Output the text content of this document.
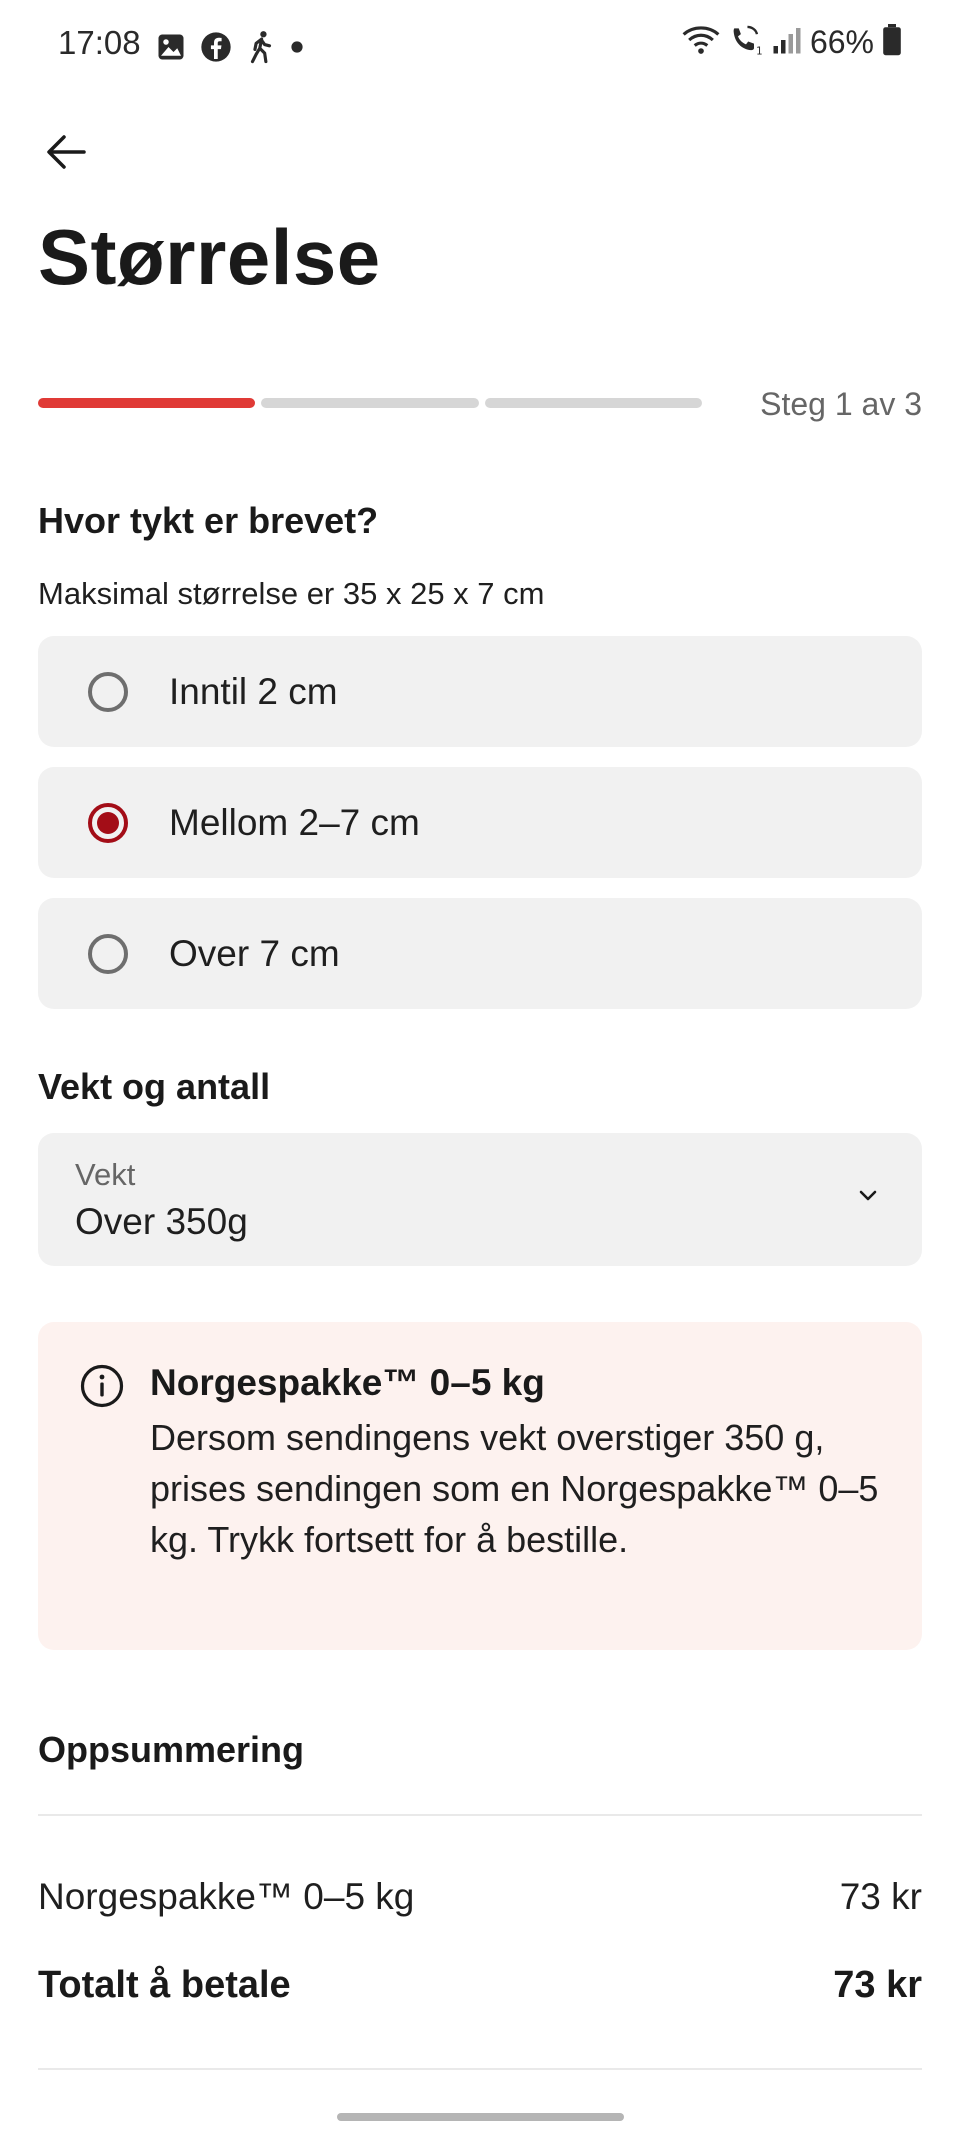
17:08	1 66%
Størrelse
Steg 1 av 3
Hvor tykt er brevet?
Maksimal størrelse er 35 x 25 x 7 cm
Inntil 2 cm
Mellom 2–7 cm
Over 7 cm
Vekt og antall
Vekt
Over 350g
Norgespakke™ 0–5 kg
Dersom sendingens vekt overstiger 350 g, prises sendingen som en Norgespakke™ 0–5 kg. Trykk fortsett for å bestille.
Oppsummering
Norgespakke™ 0–5 kg	73 kr
Totalt å betale	73 kr
